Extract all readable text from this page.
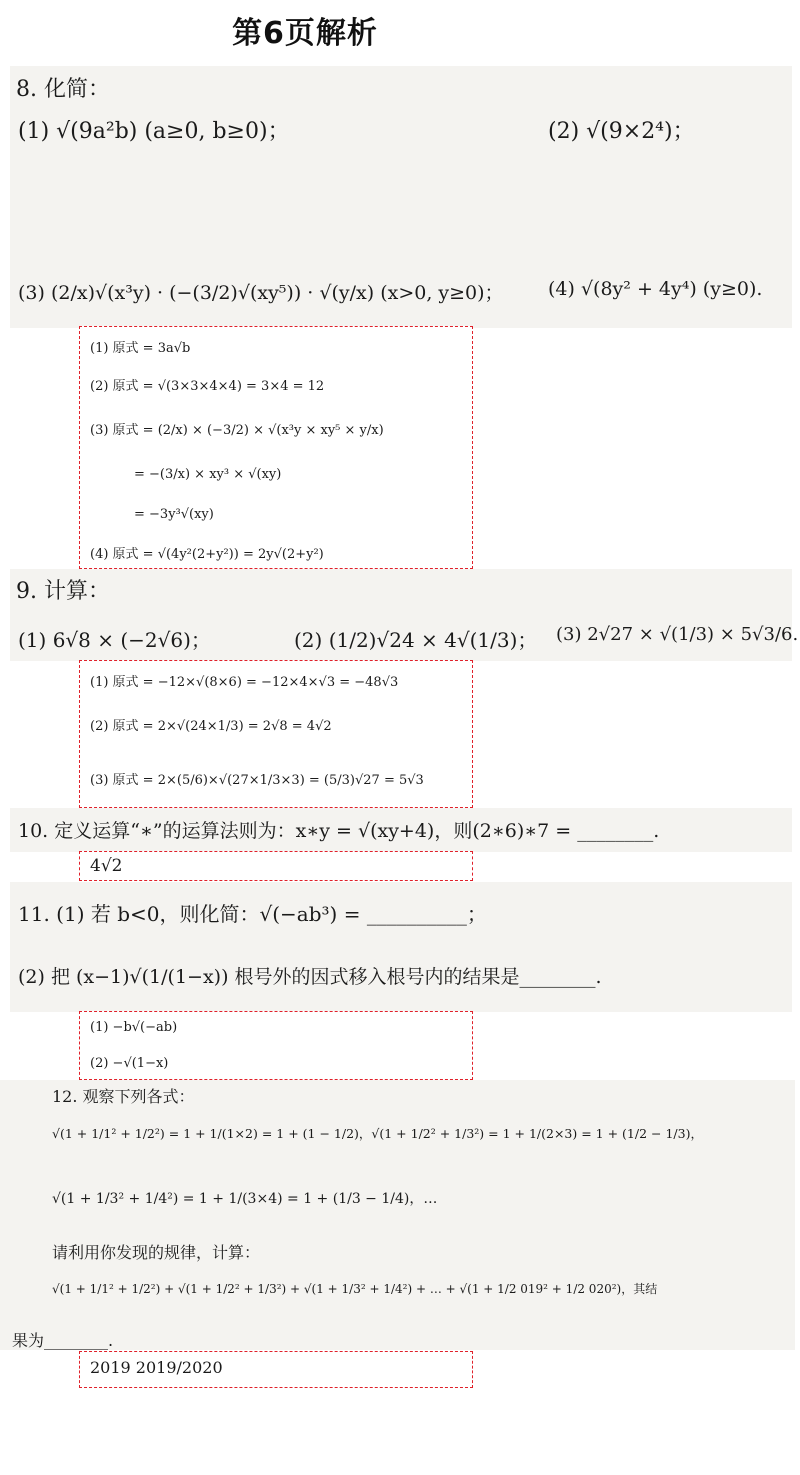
第6页解析
8. 化简：
(1) √(9a²b) (a≥0, b≥0)；	(2) √(9×2⁴)；
(3) (2/x)√(x³y) · (−(3/2)√(xy⁵)) · √(y/x) (x>0, y≥0)； (4) √(8y² + 4y⁴) (y≥0).
(1) 原式 = 3a√b
(2) 原式 = √(3×3×4×4) = 3×4 = 12
(3) 原式 = (2/x) × (−3/2) × √(x³y × xy⁵ × y/x)
= −(3/x) × xy³ × √(xy)
= −3y³√(xy)
(4) 原式 = √(4y²(2+y²)) = 2y√(2+y²)
9. 计算：
(1) 6√8 × (−2√6)；	(2) (1/2)√24 × 4√(1/3)； (3) 2√27 × √(1/3) × 5√3/6.
(1) 原式 = −12×√(8×6) = −12×4×√3 = −48√3
(2) 原式 = 2×√(24×1/3) = 2√8 = 4√2
(3) 原式 = 2×(5/6)×√(27×1/3×3) = (5/3)√27 = 5√3
10. 定义运算“∗”的运算法则为：x∗y = √(xy+4)，则(2∗6)∗7 = ________.
4√2
11. (1) 若 b<0，则化简：√(−ab³) = __________；
(2) 把 (x−1)√(1/(1−x)) 根号外的因式移入根号内的结果是________.
(1) −b√(−ab)
(2) −√(1−x)
12. 观察下列各式：
√(1 + 1/1² + 1/2²) = 1 + 1/(1×2) = 1 + (1 − 1/2)，√(1 + 1/2² + 1/3²) = 1 + 1/(2×3) = 1 + (1/2 − 1/3)，
√(1 + 1/3² + 1/4²) = 1 + 1/(3×4) = 1 + (1/3 − 1/4)，…
请利用你发现的规律，计算：
√(1 + 1/1² + 1/2²) + √(1 + 1/2² + 1/3²) + √(1 + 1/3² + 1/4²) + … + √(1 + 1/2 019² + 1/2 020²)，其结
果为________.
2019 2019/2020
